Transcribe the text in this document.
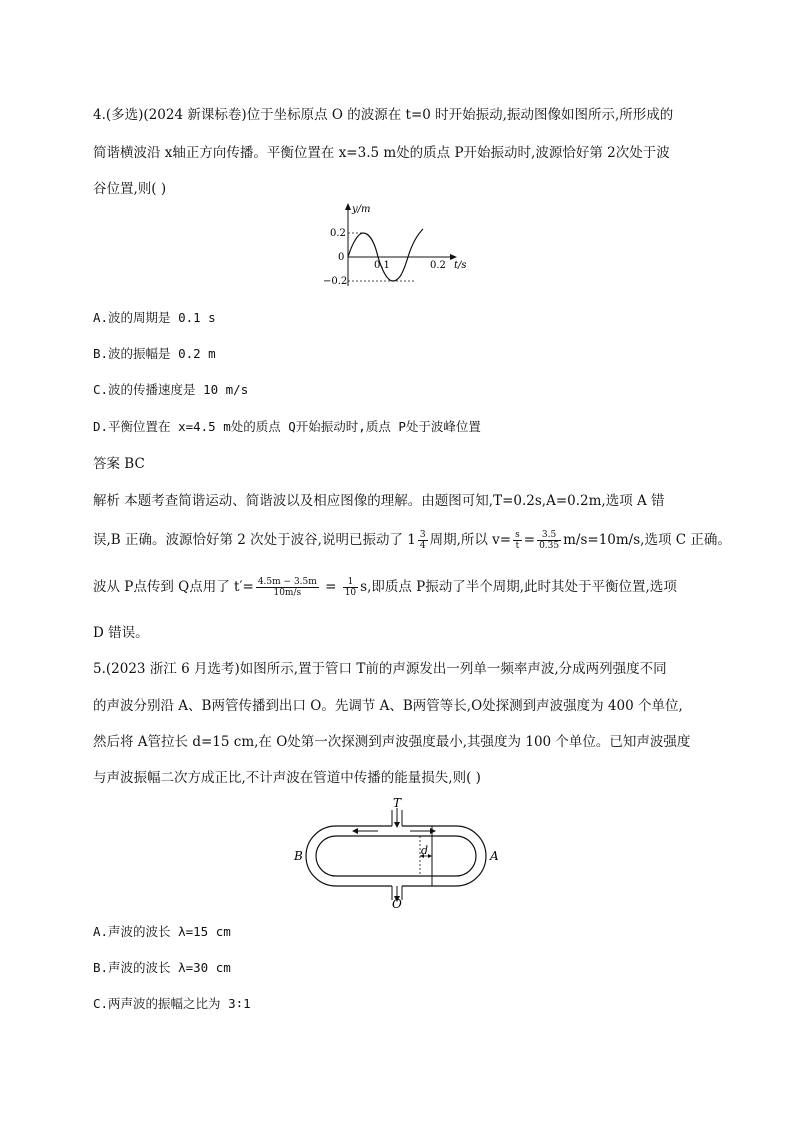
4.(多选)(2024 新课标卷)位于坐标原点 O 的波源在 t=0 时开始振动,振动图像如图所示,所形成的
简谐横波沿 x轴正方向传播。平衡位置在 x=3.5 m处的质点 P开始振动时,波源恰好第 2次处于波
谷位置,则( )
y/m
0.2
0
−0.2
0.1	0.2 t/s
A.波的周期是 0.1 s
B.波的振幅是 0.2 m
C.波的传播速度是 10 m/s
D.平衡位置在 x=4.5 m处的质点 Q开始振动时,质点 P处于波峰位置
答案 BC
解析 本题考查简谐运动、简谐波以及相应图像的理解。由题图可知,T=0.2s,A=0.2m,选项 A 错
误,B 正确。波源恰好第 2 次处于波谷,说明已振动了 $1 \frac{3}{4}$ 周期,所以 $v= \frac{s}{t} = \frac{3.5}{0.35} m/s=10m/s$,选项 C 正确。
波从 P点传到 Q点用了 $t'= \frac{4.5m - 3.5m}{10m/s} = \frac{1}{10} s$,即质点 P振动了半个周期,此时其处于平衡位置,选项
D 错误。
5.(2023 浙江 6 月选考)如图所示,置于管口 T前的声源发出一列单一频率声波,分成两列强度不同
的声波分别沿 A、B两管传播到出口 O。先调节 A、B两管等长,O处探测到声波强度为 400 个单位,
然后将 A管拉长 d=15 cm,在 O处第一次探测到声波强度最小,其强度为 100 个单位。已知声波强度
与声波振幅二次方成正比,不计声波在管道中传播的能量损失,则( )
T
O
B	A
d
A.声波的波长 λ=15 cm
B.声波的波长 λ=30 cm
C.两声波的振幅之比为 3∶1
